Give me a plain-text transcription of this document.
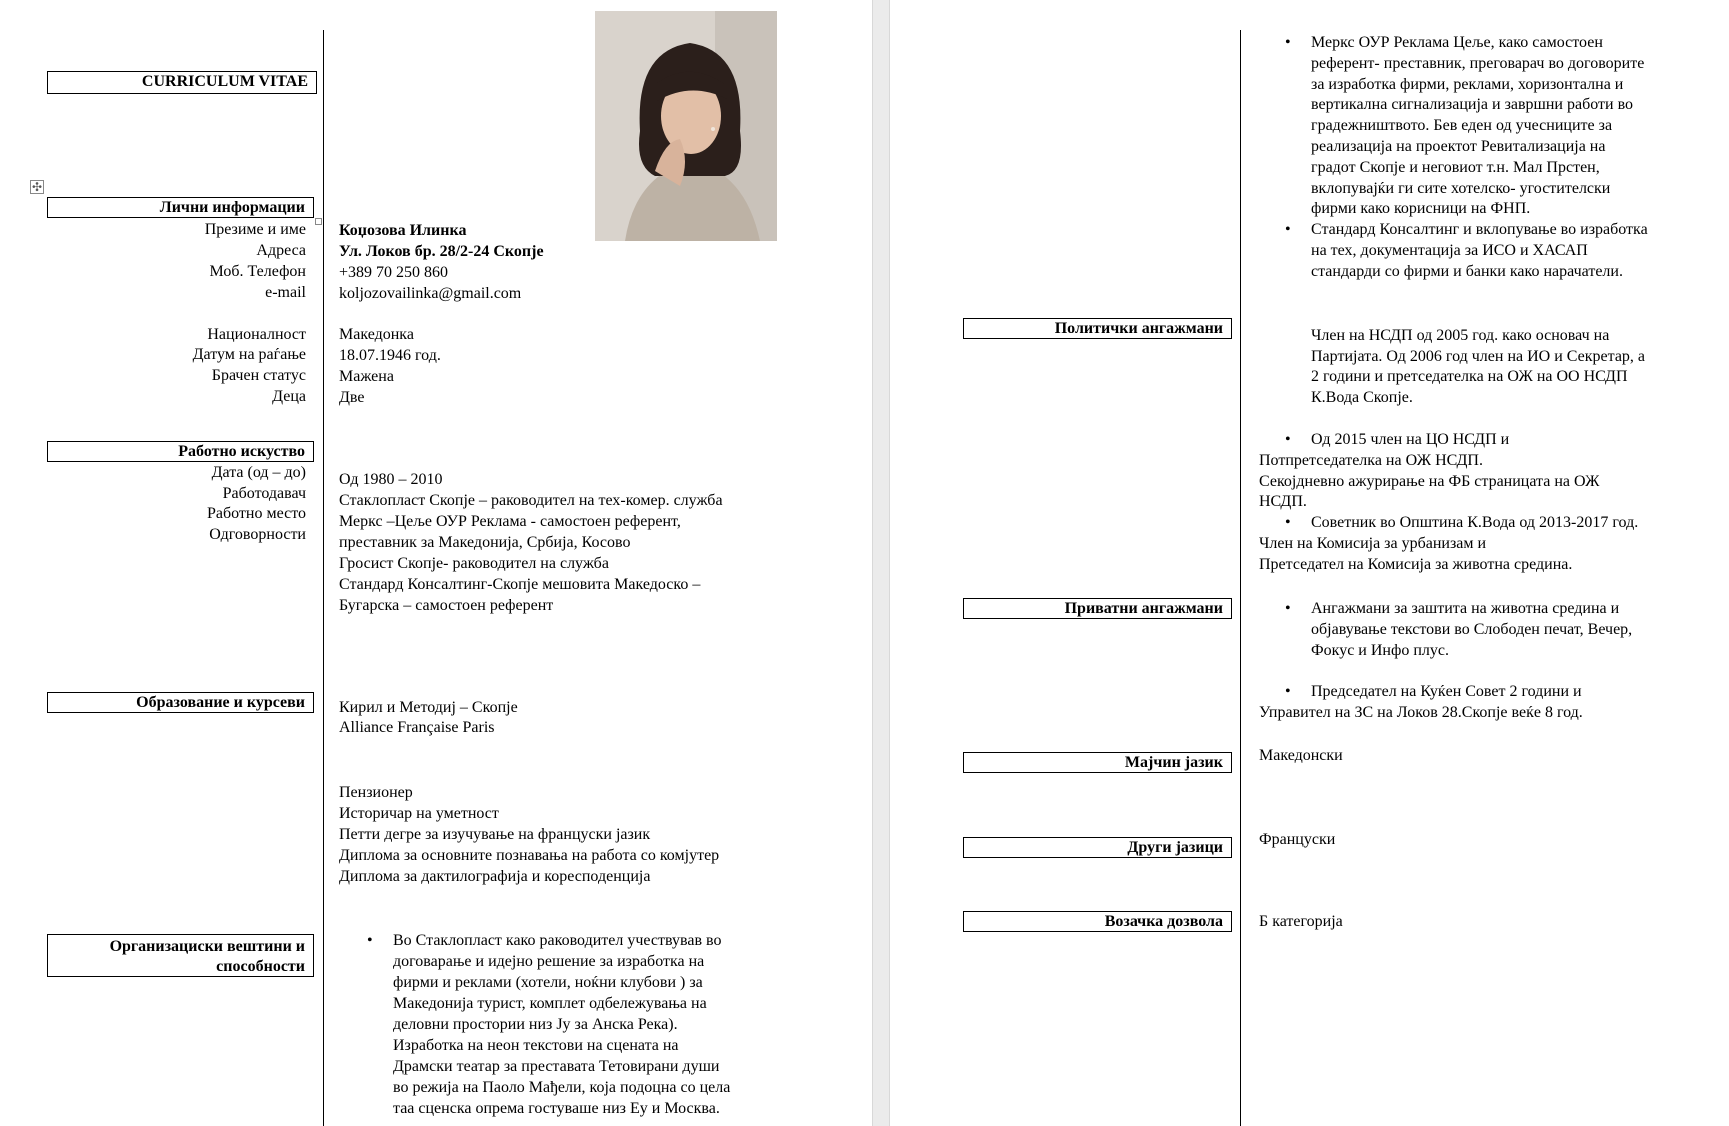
CURRICULUM VITAE
✣
Лични информации
Презиме и име
Адреса
Моб. Телефон
e-mail
Националност
Датум на раѓање
Брачен статус
Деца
Коџозова Илинка
Ул. Локов бр. 28/2-24 Скопје
+389 70 250 860
koljozovailinka@gmail.com
Македонка
18.07.1946 год.
Мажена
Две
Работно искуство
Дата (од – до)
Работодавач
Работно место
Одговорности
Од 1980 – 2010
Стаклопласт Скопје – раководител на тех-комер. служба
Меркс –Цеље ОУР Реклама - самостоен референт,
преставник за Македонија, Србија, Косово
Гросист Скопје- раководител на служба
Стандард Консалтинг-Скопје мешовита Македоско –
Бугарска – самостоен референт
Образование и курсеви	Кирил и Методиј – Скопје
Alliance Française Paris
Пензионер
Историчар на уметност
Петти дегре за изучување на француски јазик
Диплома за основните познавања на работа со комјутер
Диплома за дактилографија и коресподенција
Организациски вештини и
способности
• Во Стаклопласт како раководител учествував во
договарање и идејно решение за изработка на
фирми и реклами (хотели, ноќни клубови ) за
Македонија турист, комплет одбележувања на
деловни простории низ Ју за Анска Река).
Изработка на неон текстови на сцената на
Драмски театар за преставата Тетовирани души
во режија на Паоло Мађели, која подоцна со цела
таа сценска опрема гостуваше низ Еу и Москва.
• Меркс ОУР Реклама Цеље, како самостоен
референт- преставник, преговарач во договорите
за изработка фирми, реклами, хоризонтална и
вертикална сигнализација и завршни работи во
градежништвото. Бев еден од учесниците за
реализација на проектот Ревитализација на
градот Скопје и неговиот т.н. Мал Прстен,
вклопувајќи ги сите хотелско- угостителски
фирми како корисници на ФНП.
• Стандард Консалтинг и вклопување во изработка
на тех, документација за ИСО и ХАСАП
стандарди со фирми и банки како нарачатели.
Политички ангажмани	Член на НСДП од 2005 год. како основач на
Партијата. Од 2006 год член на ИО и Секретар, а
2 години и претседателка на ОЖ на ОО НСДП
К.Вода Скопје.
• Од 2015 член на ЦО НСДП и
Потпретседателка на ОЖ НСДП.
Секојдневно ажурирање на ФБ страницата на ОЖ
НСДП.
• Советник во Општина К.Вода од 2013-2017 год.
Член на Комисија за урбанизам и
Претседател на Комисија за животна средина.
Приватни ангажмани
•	Ангажмани за заштита на животна средина и
објавување текстови во Слободен печат, Вечер,
Фокус и Инфо плус.
• Председател на Куќен Совет 2 години и
Управител на ЗС на Локов 28.Скопје веќе 8 год.
Мајчин јазик	Македонски
Други јазици	Француски
Возачка дозвола	Б категорија
